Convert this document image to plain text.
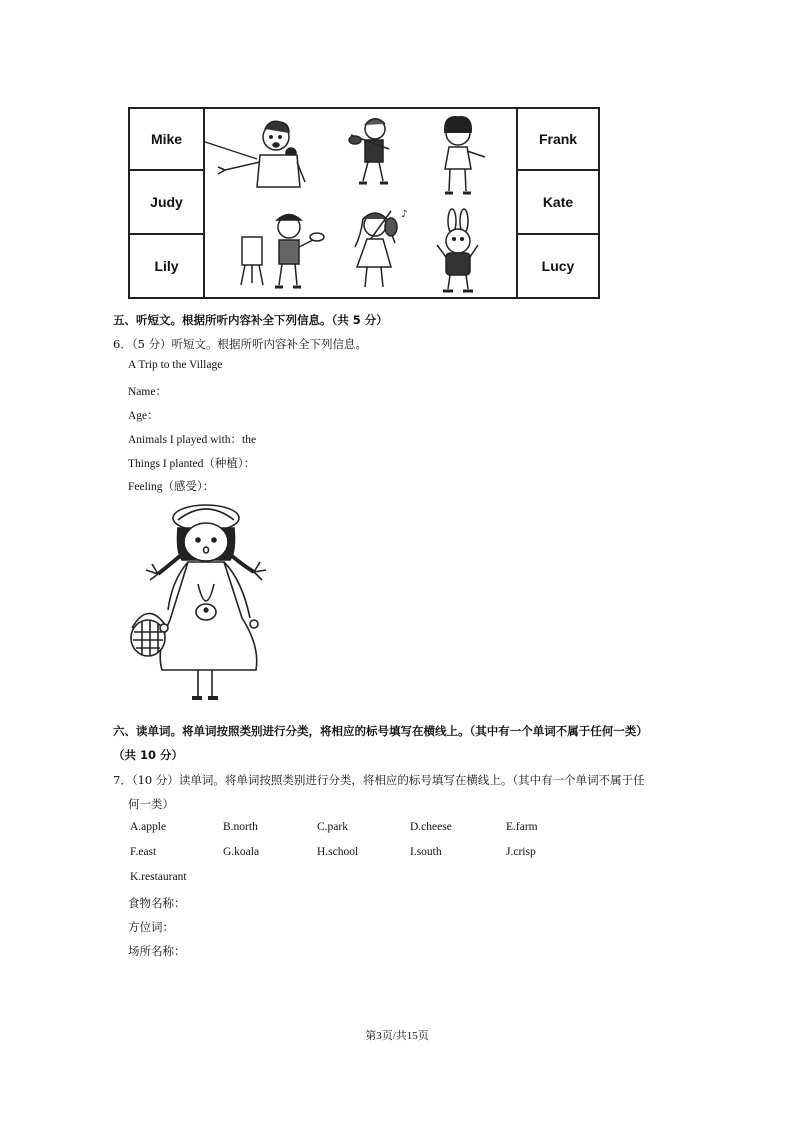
Mike
Judy
Lily
Frank
Kate
Lucy
♪
五、听短文。根据所听内容补全下列信息。（共 5 分）
6．（5 分）听短文。根据所听内容补全下列信息。
A Trip to the Village
Name：
Age：
Animals I played with：the
Things I planted（种植）：
Feeling（感受）：
六、读单词。将单词按照类别进行分类，将相应的标号填写在横线上。（其中有一个单词不属于任何一类）
（共 10 分）
7．（10 分）读单词。将单词按照类别进行分类，将相应的标号填写在横线上。（其中有一个单词不属于任
何一类）
A.apple	B.north	C.park	D.cheese	E.farm
F.east	G.koala	H.school	I.south	J.crisp
K.restaurant
食物名称：
方位词：
场所名称：
第3页/共15页
